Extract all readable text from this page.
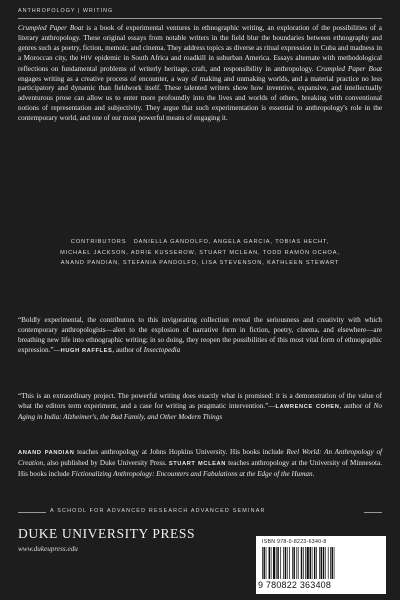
ANTHROPOLOGY | WRITING
Crumpled Paper Boat is a book of experimental ventures in ethnographic writing, an exploration of the possibilities of a literary anthropology. These original essays from notable writers in the field blur the boundaries between ethnography and genres such as poetry, fiction, memoir, and cinema. They address topics as diverse as ritual expression in Cuba and madness in a Moroccan city, the HIV epidemic in South Africa and roadkill in suburban America. Essays alternate with methodological reflections on fundamental problems of writerly heritage, craft, and responsibility in anthropology. Crumpled Paper Boat engages writing as a creative process of encounter, a way of making and unmaking worlds, and a material practice no less participatory and dynamic than fieldwork itself. These talented writers show how inventive, expansive, and intellectually adventurous prose can allow us to enter more profoundly into the lives and worlds of others, breaking with conventional notions of representation and subjectivity. They argue that such experimentation is essential to anthropology's role in the contemporary world, and one of our most powerful means of engaging it.
CONTRIBUTORS DANIELLA GANDOLFO, ANGELA GARCIA, TOBIAS HECHT,
MICHAEL JACKSON, ADRIE KUSSEROW, STUART MCLEAN, TODD RAMÓN OCHOA,
ANAND PANDIAN, STEFANIA PANDOLFO, LISA STEVENSON, KATHLEEN STEWART
“Boldly experimental, the contributors to this invigorating collection reveal the seriousness and creativity with which contemporary anthropologists—alert to the explosion of narrative form in fiction, poetry, cinema, and elsewhere—are breathing new life into ethnographic writing; in so doing, they reopen the possibilities of this most vital form of ethnographic expression.”—HUGH RAFFLES, author of Insectopedia
“This is an extraordinary project. The powerful writing does exactly what is promised: it is a demonstration of the value of what the editors term experiment, and a case for writing as pragmatic intervention.”—LAWRENCE COHEN, author of No Aging in India: Alzheimer's, the Bad Family, and Other Modern Things
ANAND PANDIAN teaches anthropology at Johns Hopkins University. His books include Reel World: An Anthropology of Creation, also published by Duke University Press. STUART MCLEAN teaches anthropology at the University of Minnesota. His books include Fictionalizing Anthropology: Encounters and Fabulations at the Edge of the Human.
A SCHOOL FOR ADVANCED RESEARCH ADVANCED SEMINAR
DUKE UNIVERSITY PRESS
www.dukeupress.edu
ISBN 978-0-8223-6340-8
9 780822 363408
